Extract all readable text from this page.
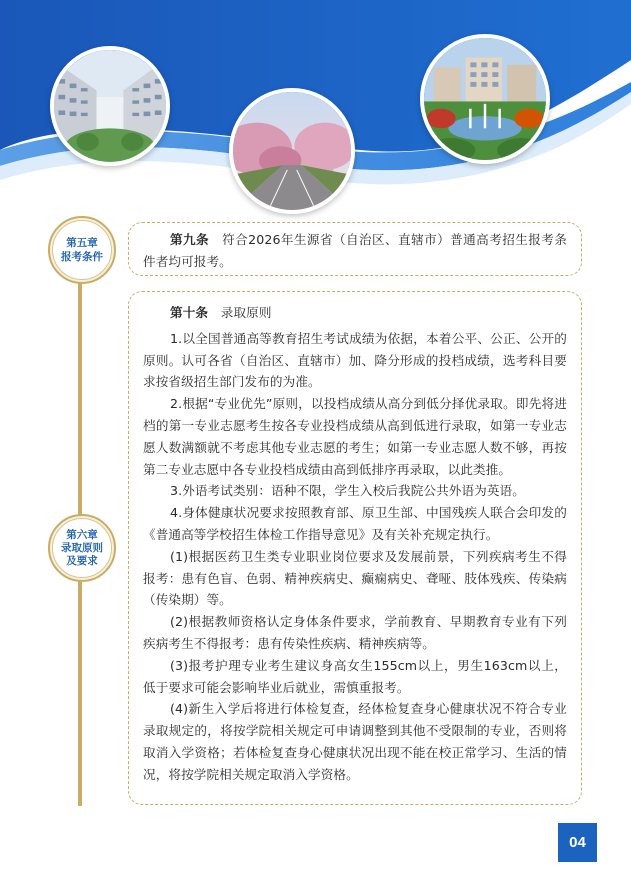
第五章
报考条件
第六章
录取原则
及要求

第九条　符合2026年生源省（自治区、直辖市）普通高考招生报考条件者均可报考。

第十条　录取原则

1.以全国普通高等教育招生考试成绩为依据，本着公平、公正、公开的原则。认可各省（自治区、直辖市）加、降分形成的投档成绩，选考科目要求按省级招生部门发布的为准。

2.根据“专业优先”原则，以投档成绩从高分到低分择优录取。即先将进档的第一专业志愿考生按各专业投档成绩从高到低进行录取，如第一专业志愿人数满额就不考虑其他专业志愿的考生；如第一专业志愿人数不够，再按第二专业志愿中各专业投档成绩由高到低排序再录取，以此类推。

3.外语考试类别：语种不限，学生入校后我院公共外语为英语。

4.身体健康状况要求按照教育部、原卫生部、中国残疾人联合会印发的《普通高等学校招生体检工作指导意见》及有关补充规定执行。

(1)根据医药卫生类专业职业岗位要求及发展前景，下列疾病考生不得报考：患有色盲、色弱、精神疾病史、癫痫病史、聋哑、肢体残疾、传染病（传染期）等。

(2)根据教师资格认定身体条件要求，学前教育、早期教育专业有下列疾病考生不得报考：患有传染性疾病、精神疾病等。

(3)报考护理专业考生建议身高女生155cm以上，男生163cm以上，低于要求可能会影响毕业后就业，需慎重报考。

(4)新生入学后将进行体检复查，经体检复查身心健康状况不符合专业录取规定的，将按学院相关规定可申请调整到其他不受限制的专业，否则将取消入学资格；若体检复查身心健康状况出现不能在校正常学习、生活的情况，将按学院相关规定取消入学资格。

04
